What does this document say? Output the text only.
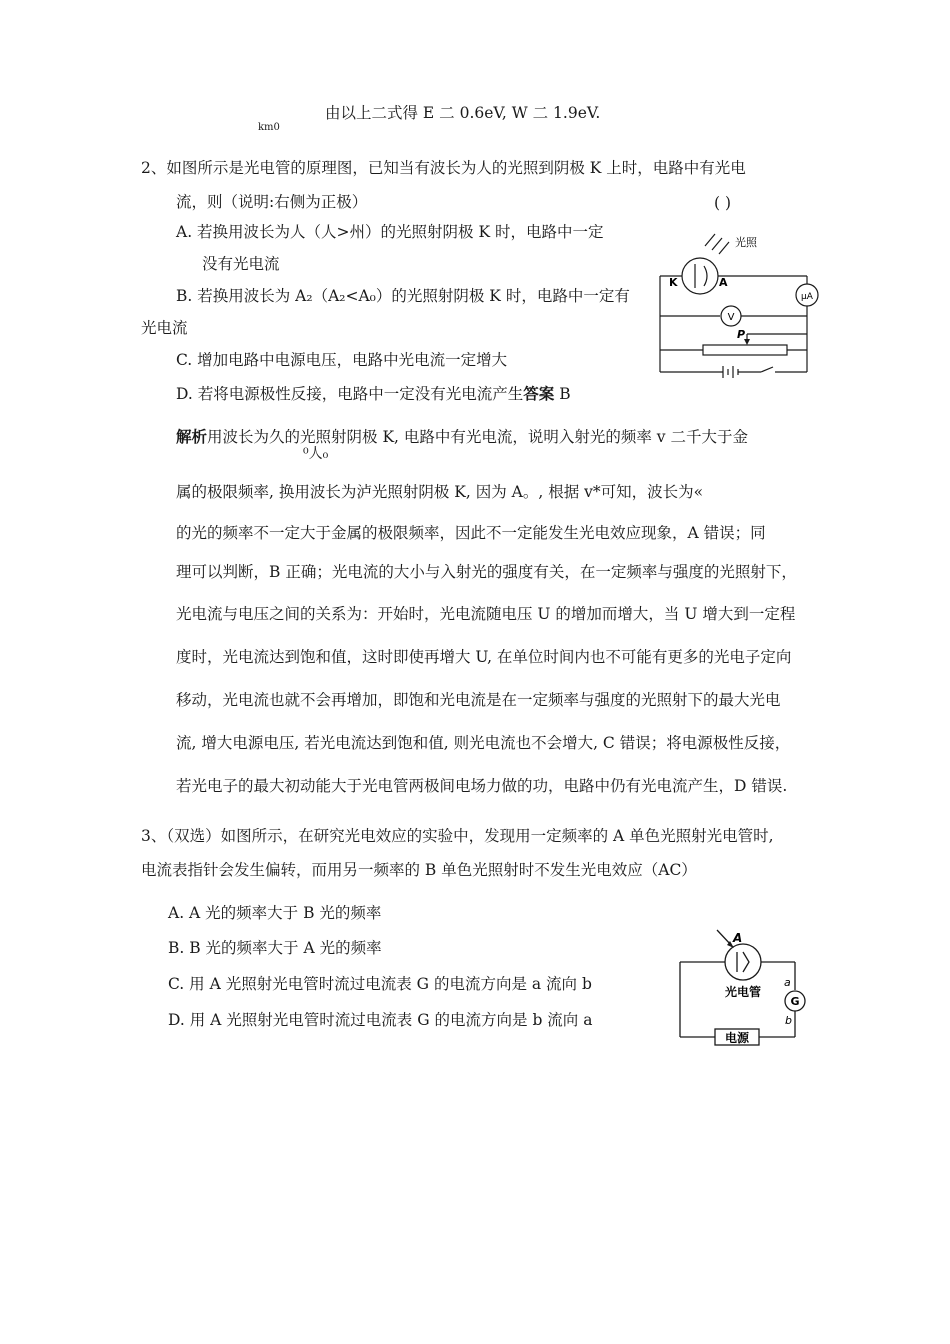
由以上二式得 E 二 0.6eV, W 二 1.9eV.
km0
2、如图所示是光电管的原理图，已知当有波长为人的光照到阴极 K 上时，电路中有光电
流，则（说明:右侧为正极）	( )
A. 若换用波长为人（人>州）的光照射阴极 K 时，电路中一定
没有光电流
B. 若换用波长为 A₂（A₂<A₀）的光照射阴极 K 时，电路中一定有
光电流
C. 增加电路中电源电压，电路中光电流一定增大
D. 若将电源极性反接，电路中一定没有光电流产生答案 B
光照
K	A
μA
V
P
解析用波长为久的光照射阴极 K, 电路中有光电流，说明入射光的频率 v 二千大于金
⁰人₀
属的极限频率, 换用波长为泸光照射阴极 K, 因为 A。, 根据 v*可知，波长为«
的光的频率不一定大于金属的极限频率，因此不一定能发生光电效应现象，A 错误；同
理可以判断，B 正确；光电流的大小与入射光的强度有关，在一定频率与强度的光照射下，
光电流与电压之间的关系为：开始时，光电流随电压 U 的增加而增大，当 U 增大到一定程
度时，光电流达到饱和值，这时即使再增大 U, 在单位时间内也不可能有更多的光电子定向
移动，光电流也就不会再增加，即饱和光电流是在一定频率与强度的光照射下的最大光电
流, 增大电源电压, 若光电流达到饱和值, 则光电流也不会增大, C 错误；将电源极性反接，
若光电子的最大初动能大于光电管两极间电场力做的功，电路中仍有光电流产生，D 错误.
3、（双选）如图所示，在研究光电效应的实验中，发现用一定频率的 A 单色光照射光电管时,
电流表指针会发生偏转，而用另一频率的 B 单色光照射时不发生光电效应（AC）
A. A 光的频率大于 B 光的频率
B. B 光的频率大于 A 光的频率
C. 用 A 光照射光电管时流过电流表 G 的电流方向是 a 流向 b
D. 用 A 光照射光电管时流过电流表 G 的电流方向是 b 流向 a
A
光电管
G
a
b
电源
